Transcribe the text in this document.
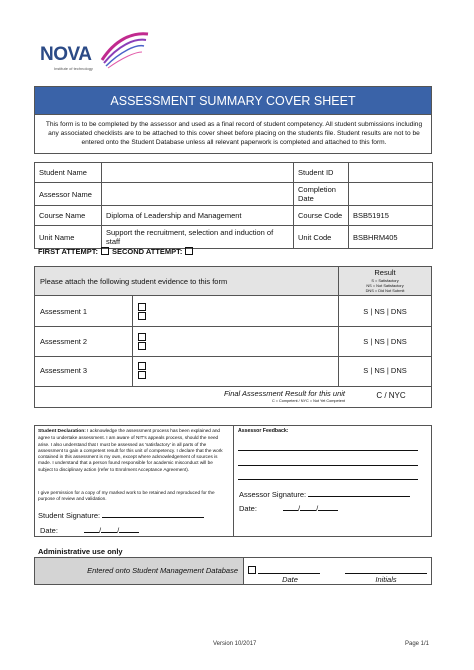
NOVA
Institute of technology
ASSESSMENT SUMMARY COVER SHEET
This form is to be completed by the assessor and used as a final record of student competency. All student submissions including any associated checklists are to be attached to this cover sheet before placing on the students file. Student results are not to be entered onto the Student Database unless all relevant paperwork is completed and attached to this form.
Student Name		Student ID	
Assessor Name		Completion Date	
Course Name	Diploma of Leadership and Management	Course Code	BSB51915
Unit Name	Support the recruitment, selection and induction of staff	Unit Code	BSBHRM405
FIRST ATTEMPT:	SECOND ATTEMPT:
Please attach the following student evidence to this form
Result
S = Satisfactory
NS = Not Satisfactory
DNS = Did Not Submit
Assessment 1	S | NS | DNS
Assessment 2	S | NS | DNS
Assessment 3	S | NS | DNS
Final Assessment Result for this unit
C = Competent / NYC = Not Yet Competent
C / NYC
Student Declaration: I acknowledge the assessment process has been explained and agree to undertake assessment. I am aware of NIT's appeals process, should the need arise. I also understand that I must be assessed as 'satisfactory' in all parts of the assessment to gain a competent result for this unit of competency. I declare that the work contained in this assessment is my own, except where acknowledgement of sources is made. I understand that a person found responsible for academic misconduct will be subject to disciplinary action (refer to Enrolment Acceptance Agreement).
I give permission for a copy of my marked work to be retained and reproduced for the purpose of review and validation.
Student Signature:
Date:	/ /
Assessor Feedback:
Assessor Signature:
Date:	/ /
Administrative use only
Entered onto Student Management Database
Date	Initials
Version 10/2017	Page 1/1
